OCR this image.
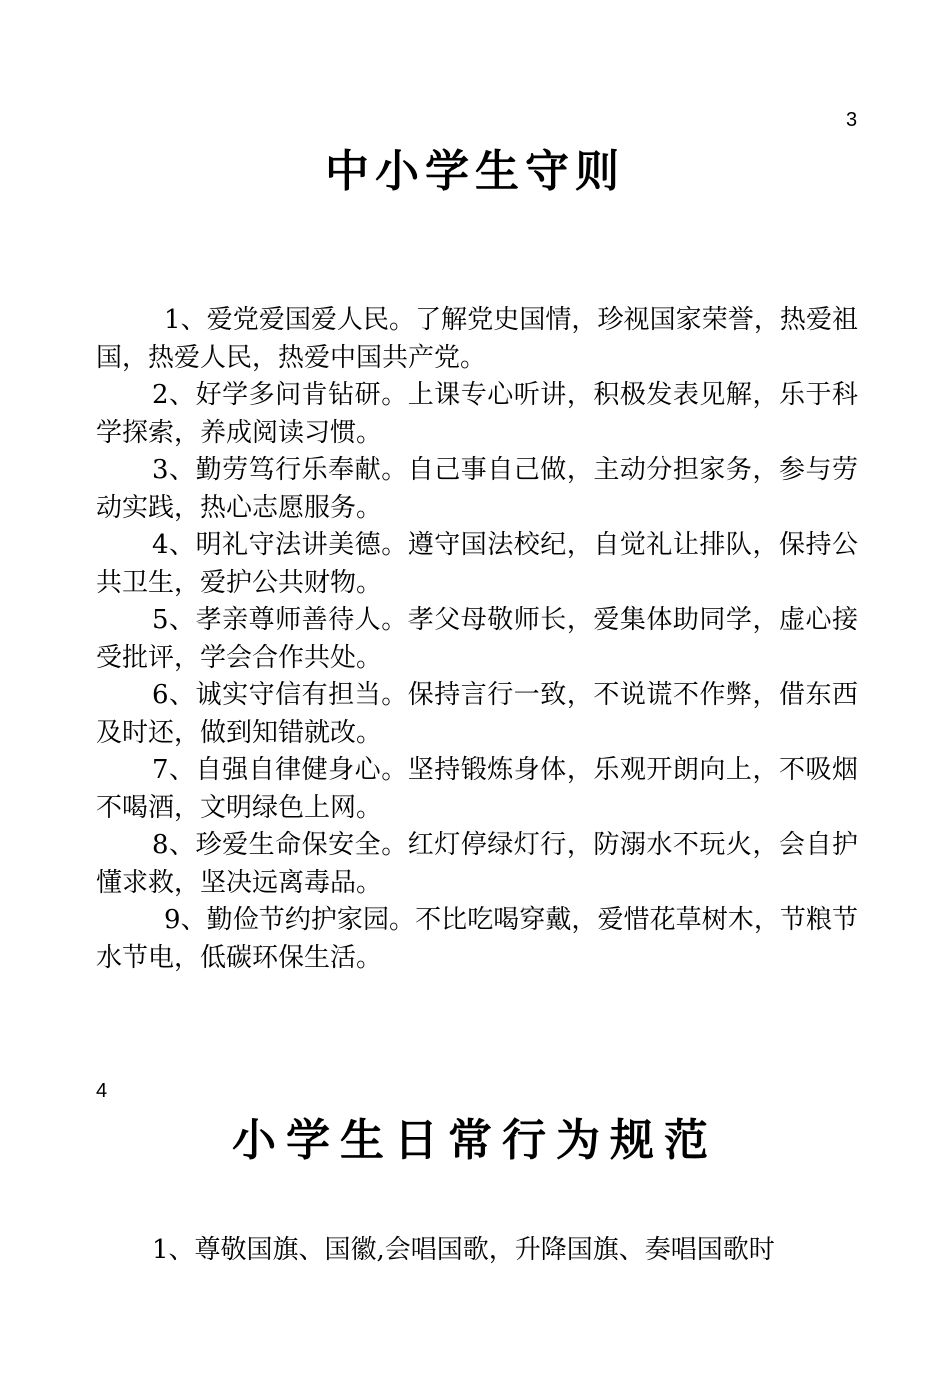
3
中小学生守则

1、爱党爱国爱人民。了解党史国情，珍视国家荣誉，热爱祖国，热爱人民，热爱中国共产党。

2、好学多问肯钻研。上课专心听讲，积极发表见解，乐于科学探索，养成阅读习惯。

3、勤劳笃行乐奉献。自己事自己做，主动分担家务，参与劳动实践，热心志愿服务。

4、明礼守法讲美德。遵守国法校纪，自觉礼让排队，保持公共卫生，爱护公共财物。

5、孝亲尊师善待人。孝父母敬师长，爱集体助同学，虚心接受批评，学会合作共处。

6、诚实守信有担当。保持言行一致，不说谎不作弊，借东西及时还，做到知错就改。

7、自强自律健身心。坚持锻炼身体，乐观开朗向上，不吸烟不喝酒，文明绿色上网。

8、珍爱生命保安全。红灯停绿灯行，防溺水不玩火，会自护懂求救，坚决远离毒品。

9、勤俭节约护家园。不比吃喝穿戴，爱惜花草树木，节粮节水节电，低碳环保生活。

4
小学生日常行为规范

1、尊敬国旗、国徽,会唱国歌，升降国旗、奏唱国歌时
